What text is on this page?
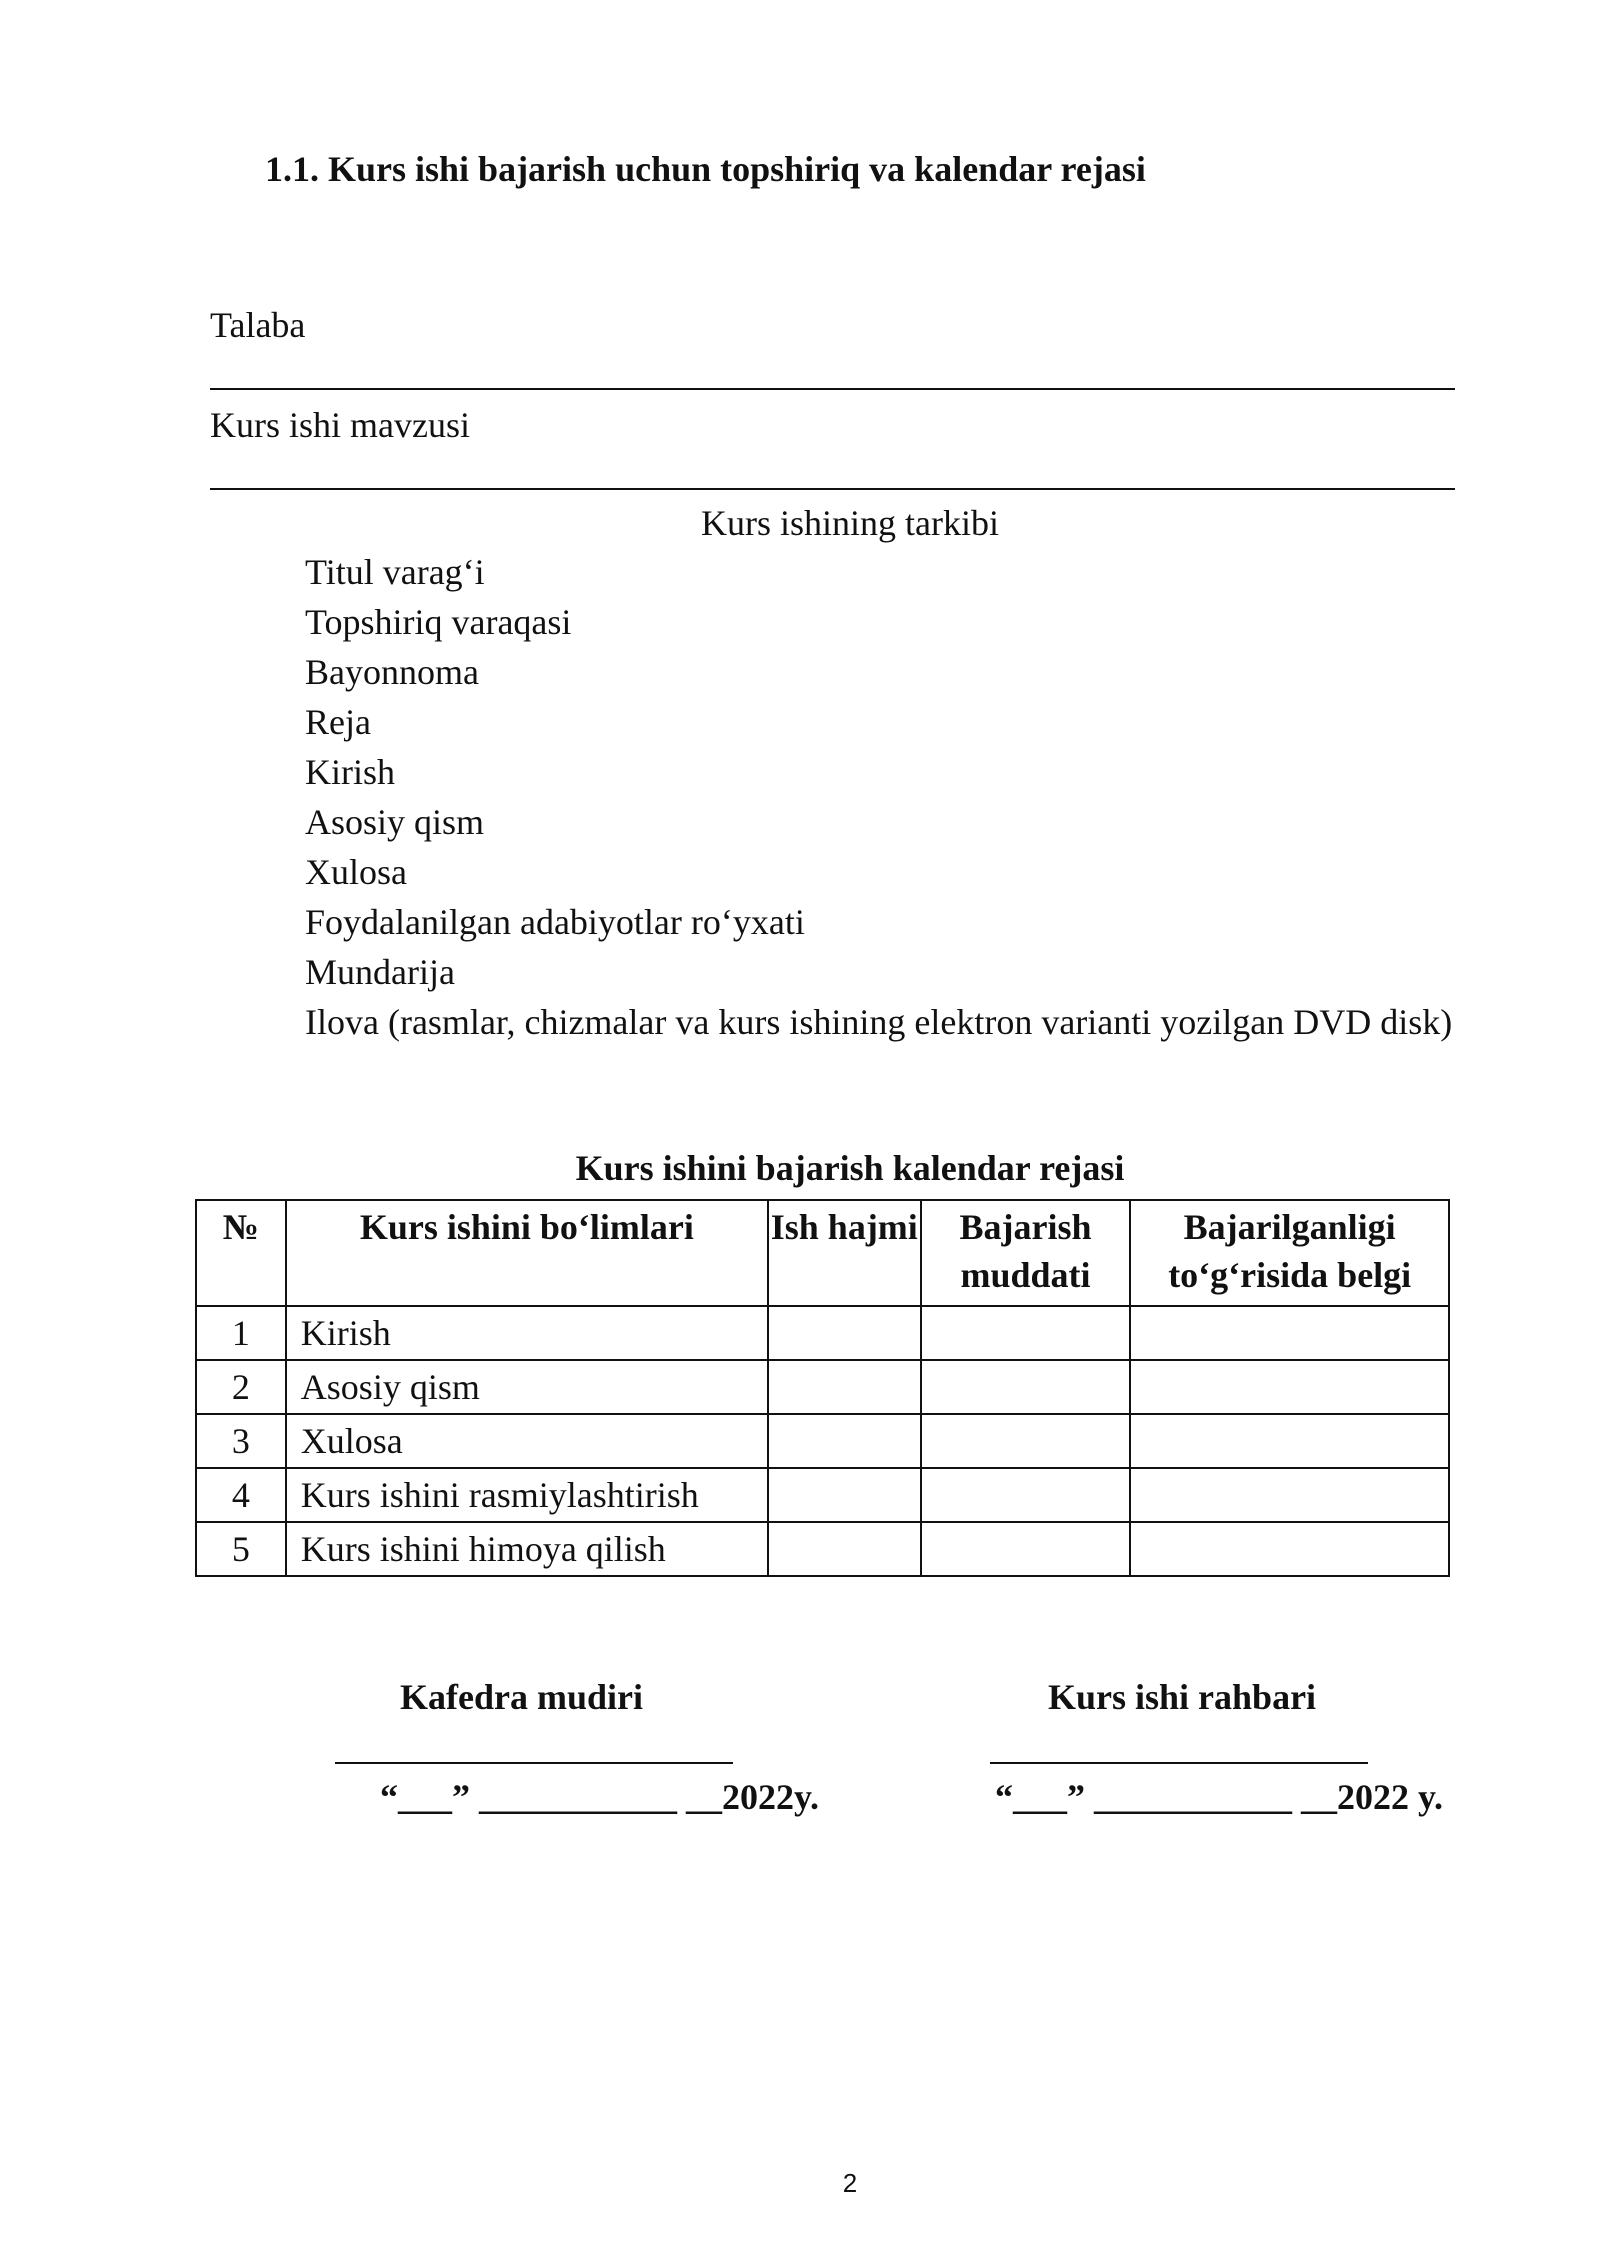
1.1. Kurs ishi bajarish uchun topshiriq va kalendar rejasi
Talaba
Kurs ishi mavzusi
Kurs ishining tarkibi
Titul varag‘i
Topshiriq varaqasi
Bayonnoma
Reja
Kirish
Asosiy qism
Xulosa
Foydalanilgan adabiyotlar ro‘yxati
Mundarija
Ilova (rasmlar, chizmalar va kurs ishining elektron varianti yozilgan DVD disk)
Kurs ishini bajarish kalendar rejasi
№	Kurs ishini bo‘limlari	Ish hajmi	Bajarish muddati	Bajarilganligi to‘g‘risida belgi
1	Kirish			
2	Asosiy qism			
3	Xulosa			
4	Kurs ishini rasmiylashtirish			
5	Kurs ishini himoya qilish			
Kafedra mudiri
“___” ___________ __2022y.
Kurs ishi rahbari
“___” ___________ __2022 y.
2
